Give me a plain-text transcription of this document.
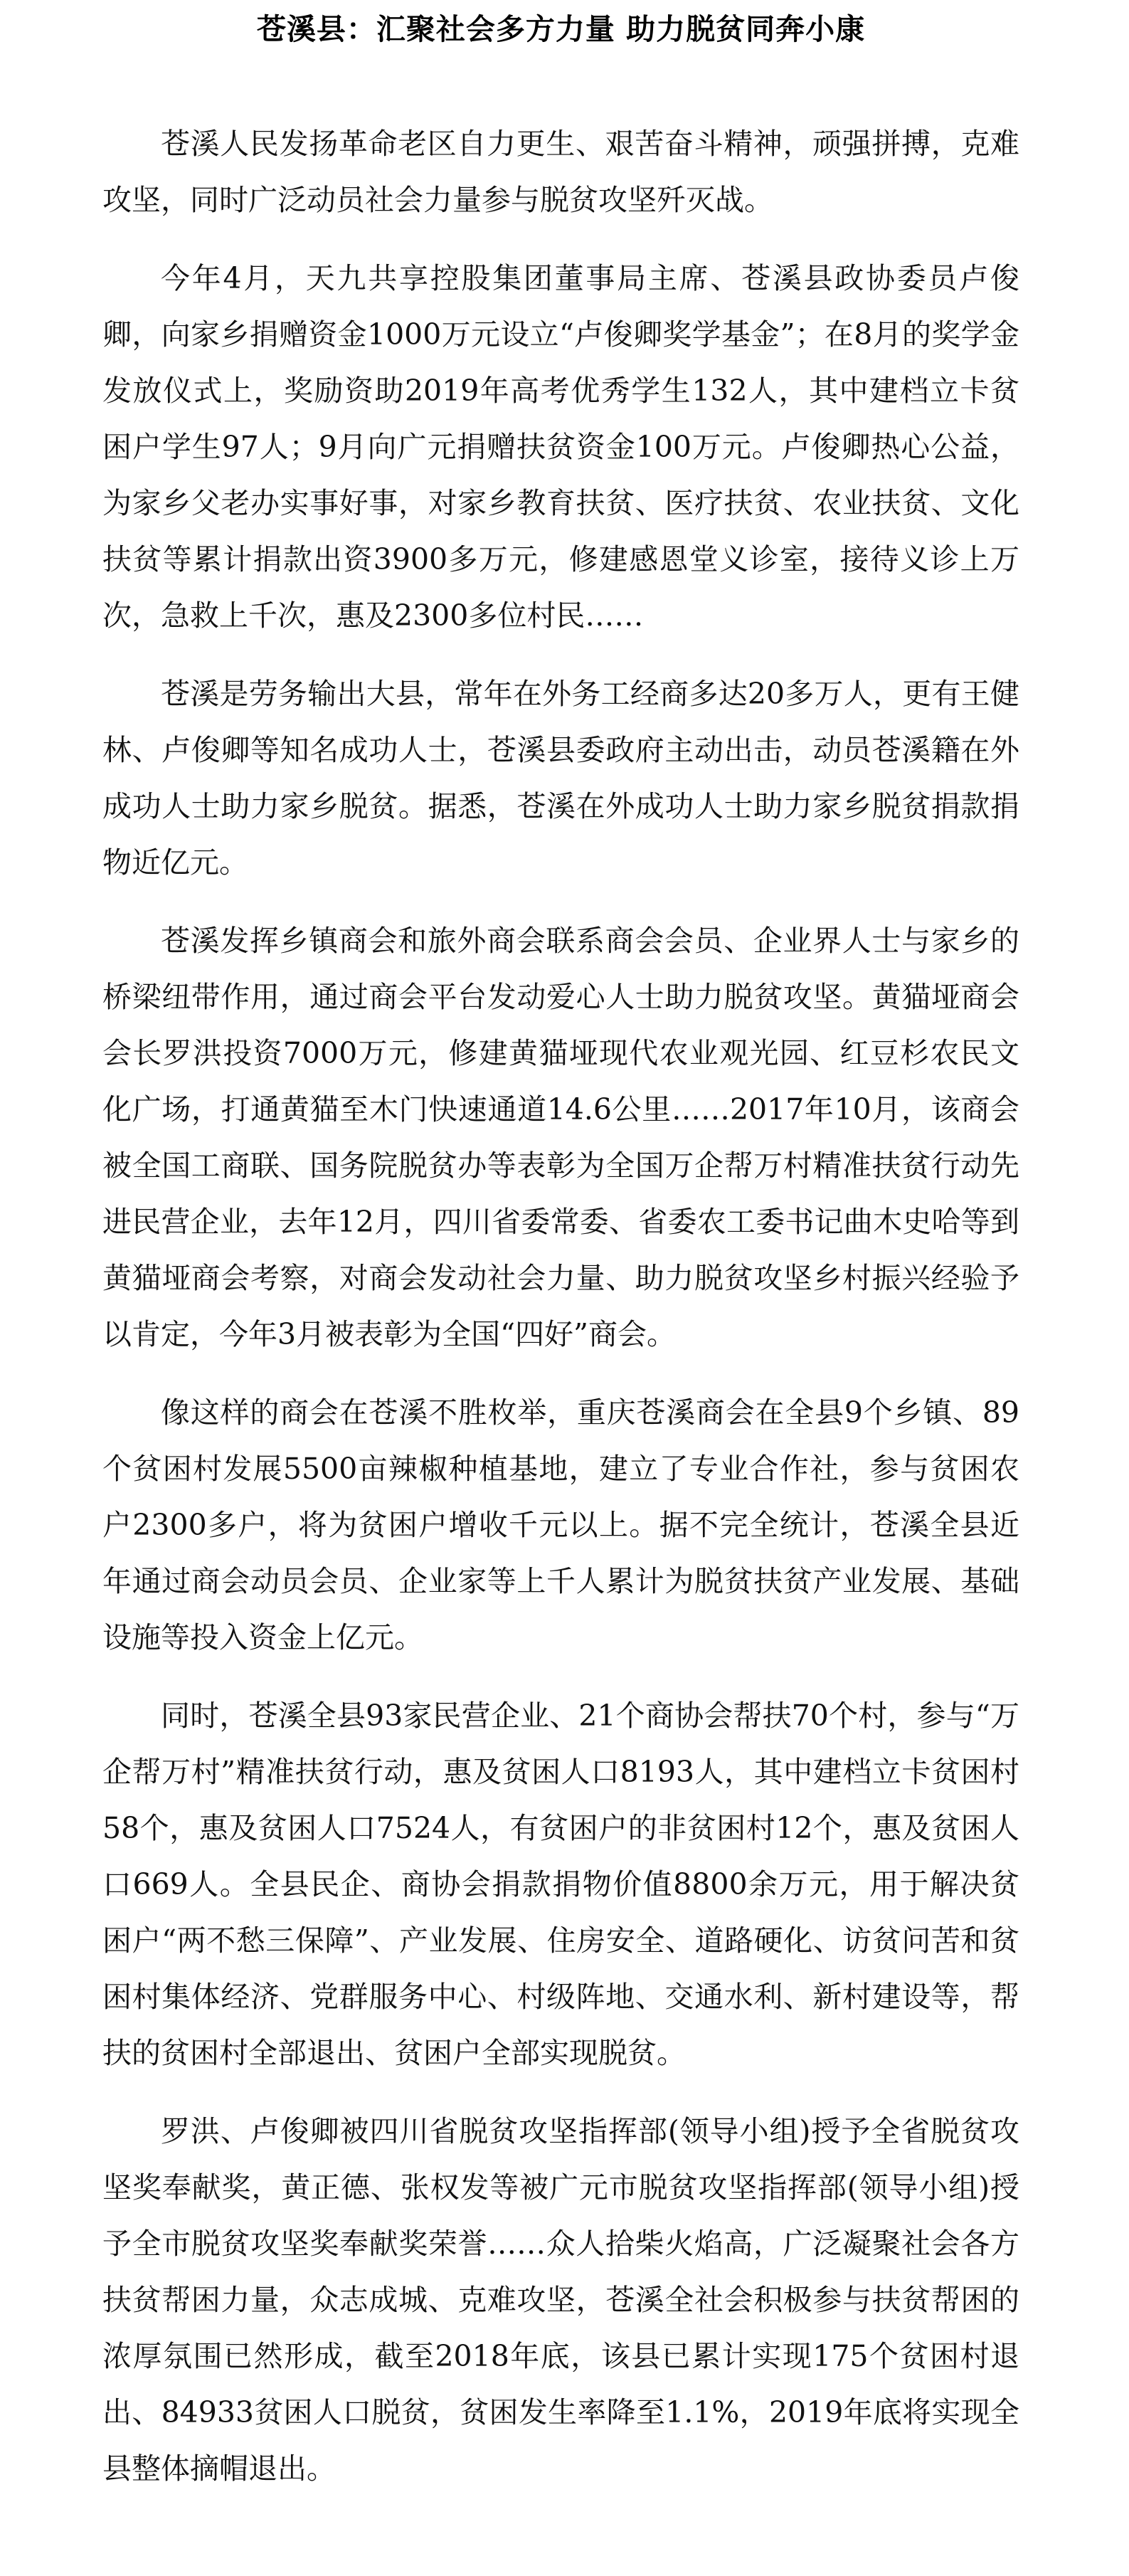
苍溪县：汇聚社会多方力量 助力脱贫同奔小康

苍溪人民发扬革命老区自力更生、艰苦奋斗精神，顽强拼搏，克难攻坚，同时广泛动员社会力量参与脱贫攻坚歼灭战。

今年4月，天九共享控股集团董事局主席、苍溪县政协委员卢俊卿，向家乡捐赠资金1000万元设立“卢俊卿奖学基金”；在8月的奖学金发放仪式上，奖励资助2019年高考优秀学生132人，其中建档立卡贫困户学生97人；9月向广元捐赠扶贫资金100万元。卢俊卿热心公益，为家乡父老办实事好事，对家乡教育扶贫、医疗扶贫、农业扶贫、文化扶贫等累计捐款出资3900多万元，修建感恩堂义诊室，接待义诊上万次，急救上千次，惠及2300多位村民……

苍溪是劳务输出大县，常年在外务工经商多达20多万人，更有王健林、卢俊卿等知名成功人士，苍溪县委政府主动出击，动员苍溪籍在外成功人士助力家乡脱贫。据悉，苍溪在外成功人士助力家乡脱贫捐款捐物近亿元。

苍溪发挥乡镇商会和旅外商会联系商会会员、企业界人士与家乡的桥梁纽带作用，通过商会平台发动爱心人士助力脱贫攻坚。黄猫垭商会会长罗洪投资7000万元，修建黄猫垭现代农业观光园、红豆杉农民文化广场，打通黄猫至木门快速通道14.6公里……2017年10月，该商会被全国工商联、国务院脱贫办等表彰为全国万企帮万村精准扶贫行动先进民营企业，去年12月，四川省委常委、省委农工委书记曲木史哈等到黄猫垭商会考察，对商会发动社会力量、助力脱贫攻坚乡村振兴经验予以肯定，今年3月被表彰为全国“四好”商会。

像这样的商会在苍溪不胜枚举，重庆苍溪商会在全县9个乡镇、89个贫困村发展5500亩辣椒种植基地，建立了专业合作社，参与贫困农户2300多户，将为贫困户增收千元以上。据不完全统计，苍溪全县近年通过商会动员会员、企业家等上千人累计为脱贫扶贫产业发展、基础设施等投入资金上亿元。

同时，苍溪全县93家民营企业、21个商协会帮扶70个村，参与“万企帮万村”精准扶贫行动，惠及贫困人口8193人，其中建档立卡贫困村58个，惠及贫困人口7524人，有贫困户的非贫困村12个，惠及贫困人口669人。全县民企、商协会捐款捐物价值8800余万元，用于解决贫困户“两不愁三保障”、产业发展、住房安全、道路硬化、访贫问苦和贫困村集体经济、党群服务中心、村级阵地、交通水利、新村建设等，帮扶的贫困村全部退出、贫困户全部实现脱贫。

罗洪、卢俊卿被四川省脱贫攻坚指挥部(领导小组)授予全省脱贫攻坚奖奉献奖，黄正德、张权发等被广元市脱贫攻坚指挥部(领导小组)授予全市脱贫攻坚奖奉献奖荣誉……众人拾柴火焰高，广泛凝聚社会各方扶贫帮困力量，众志成城、克难攻坚，苍溪全社会积极参与扶贫帮困的浓厚氛围已然形成，截至2018年底，该县已累计实现175个贫困村退出、84933贫困人口脱贫，贫困发生率降至1.1%，2019年底将实现全县整体摘帽退出。
